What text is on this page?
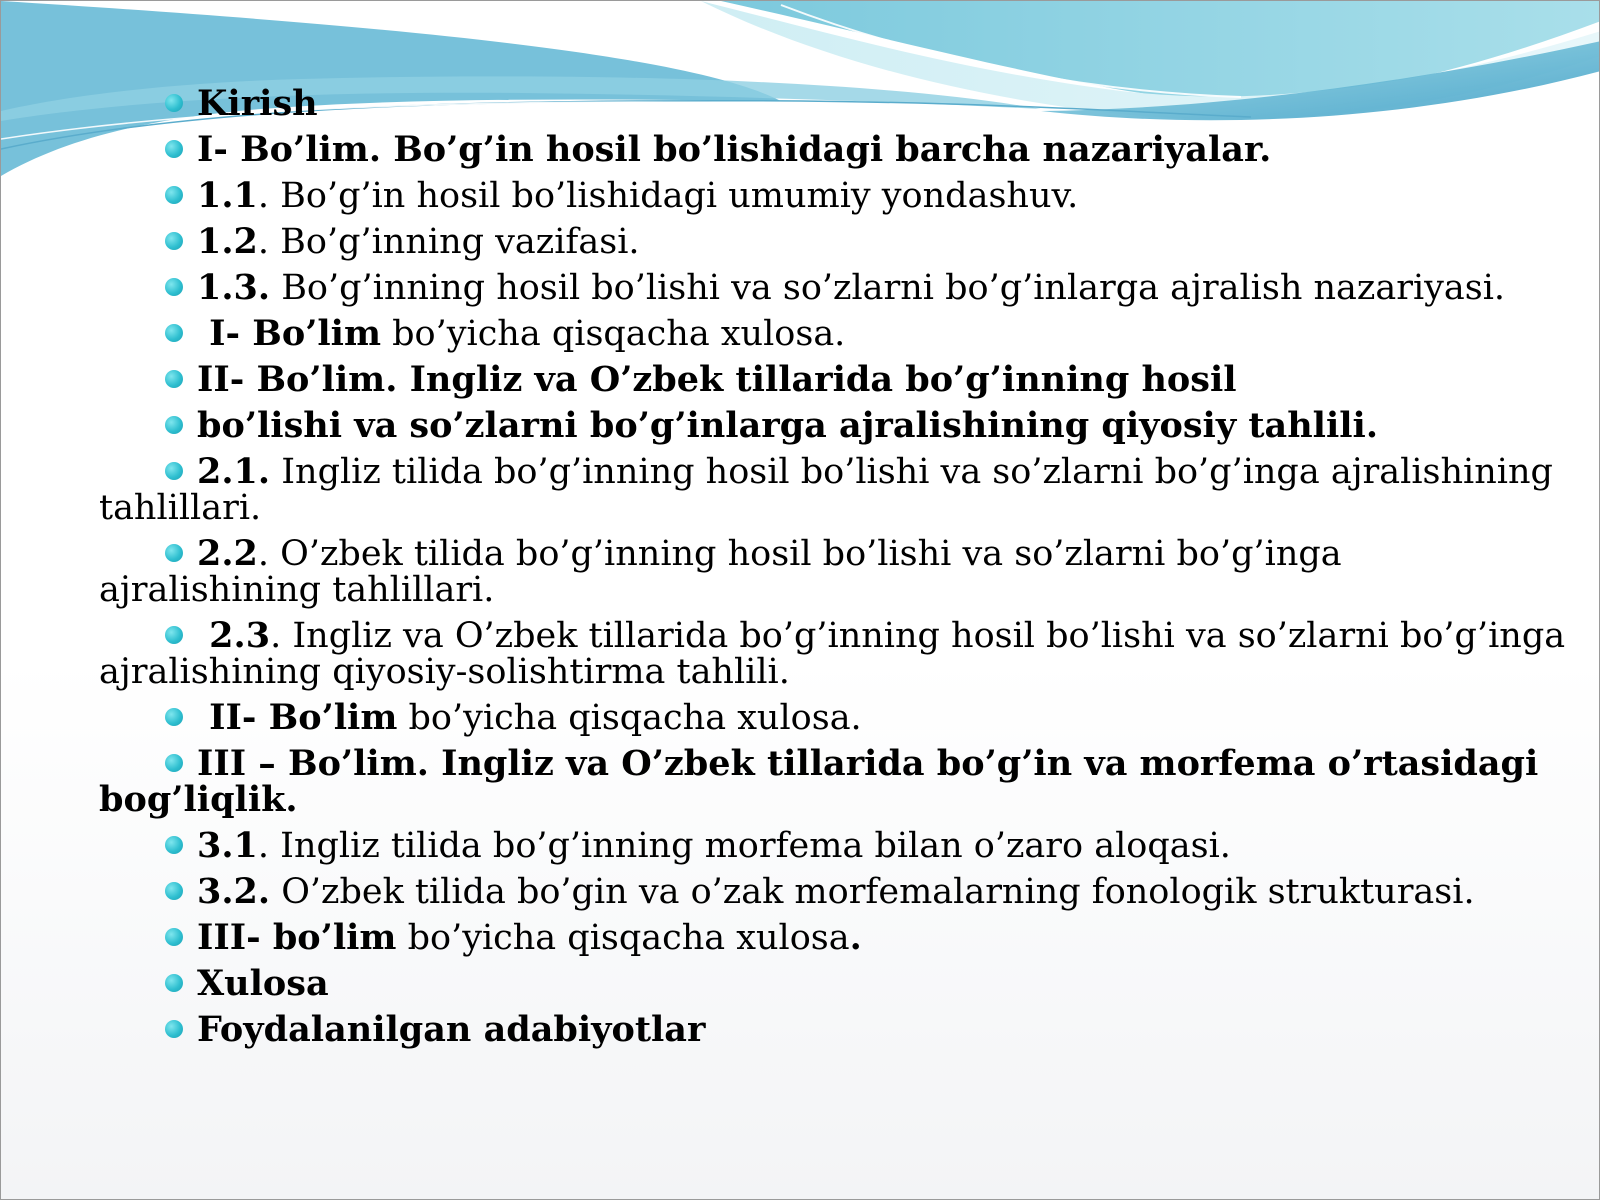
Kirish
I- Bo’lim. Bo’g’in hosil bo’lishidagi barcha nazariyalar.
1.1. Bo’g’in hosil bo’lishidagi umumiy yondashuv.
1.2. Bo’g’inning vazifasi.
1.3. Bo’g’inning hosil bo’lishi va so’zlarni bo’g’inlarga ajralish nazariyasi.
I- Bo’lim bo’yicha qisqacha xulosa.
II- Bo’lim. Ingliz va O’zbek tillarida bo’g’inning hosil
bo’lishi va so’zlarni bo’g’inlarga ajralishining qiyosiy tahlili.
2.1. Ingliz tilida bo’g’inning hosil bo’lishi va so’zlarni bo’g’inga ajralishining tahlillari.
2.2. O’zbek tilida bo’g’inning hosil bo’lishi va so’zlarni bo’g’inga ajralishining tahlillari.
2.3. Ingliz va O’zbek tillarida bo’g’inning hosil bo’lishi va so’zlarni bo’g’inga ajralishining qiyosiy-solishtirma tahlili.
II- Bo’lim bo’yicha qisqacha xulosa.
III – Bo’lim. Ingliz va O’zbek tillarida bo’g’in va morfema o’rtasidagi bog’liqlik.
3.1. Ingliz tilida bo’g’inning morfema bilan o’zaro aloqasi.
3.2. O’zbek tilida bo’gin va o’zak morfemalarning fonologik strukturasi.
III- bo’lim bo’yicha qisqacha xulosa.
Xulosa
Foydalanilgan adabiyotlar
